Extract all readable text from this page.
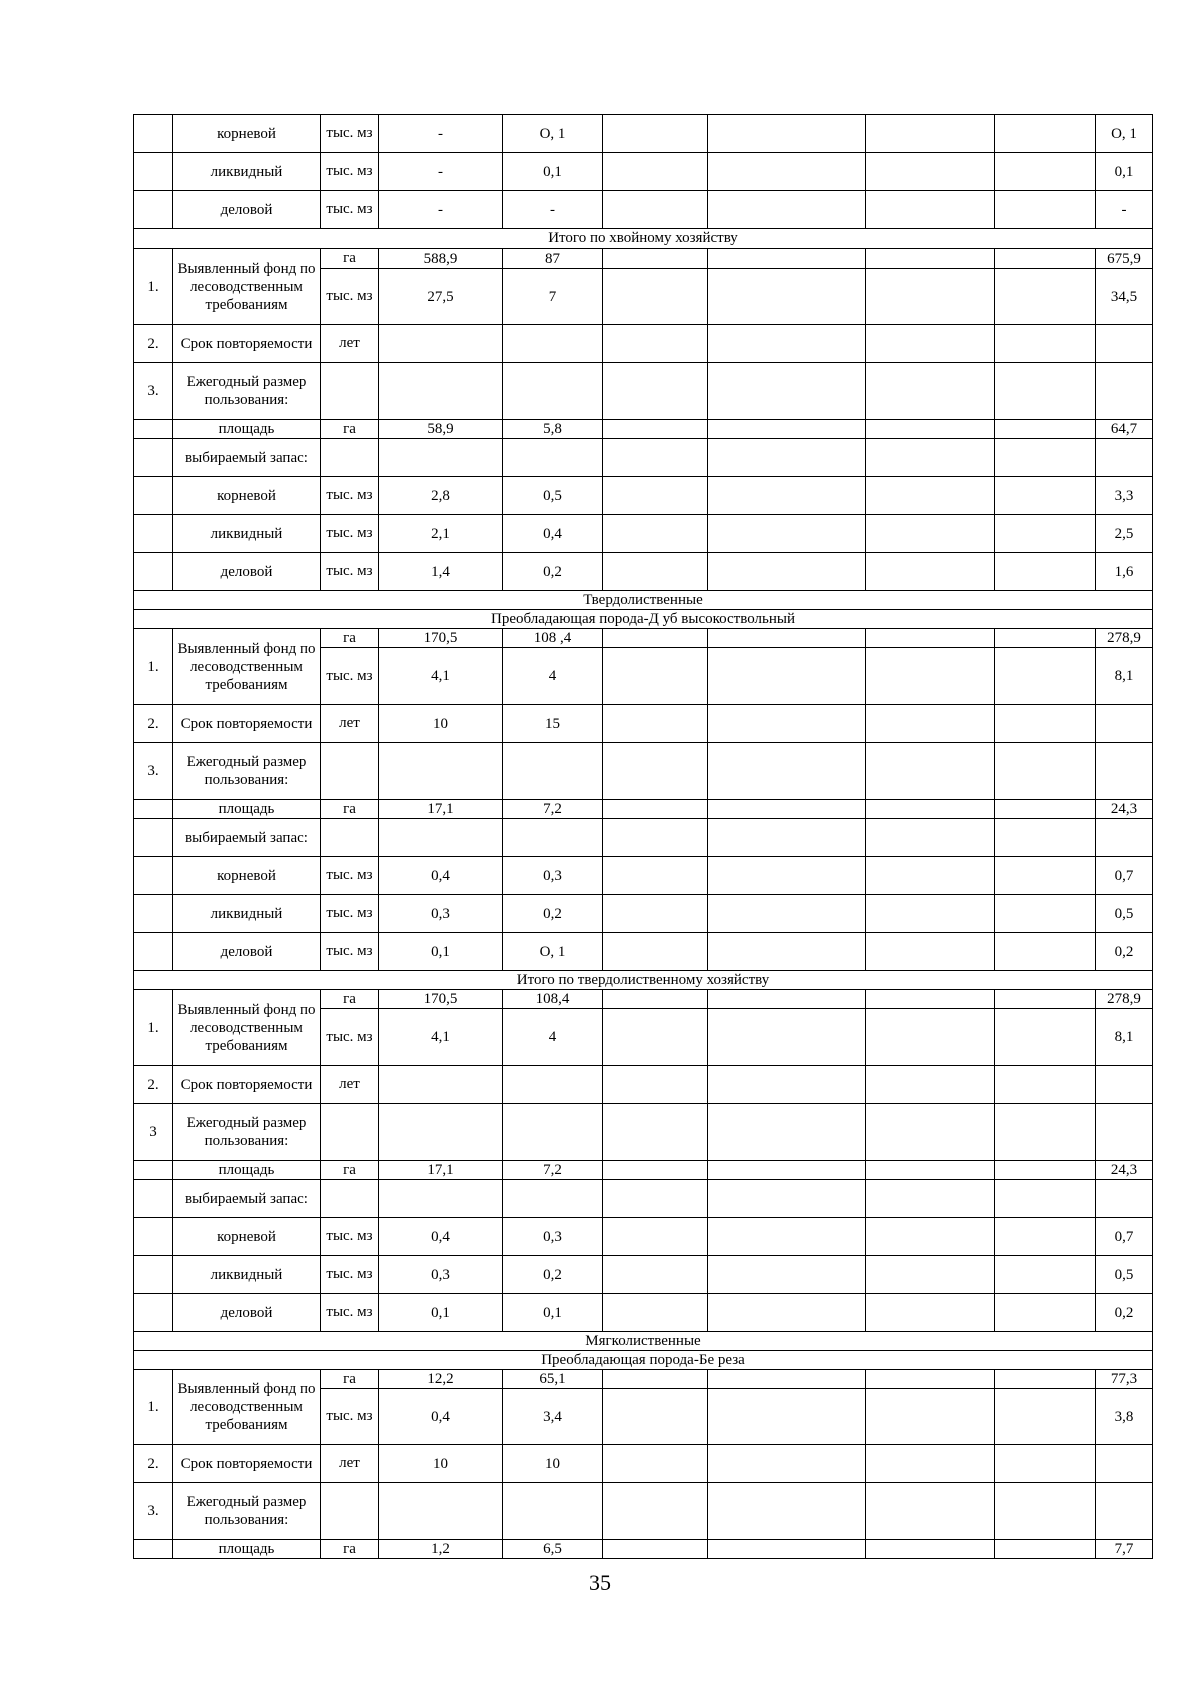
	корневой	тыс. мз	-	О, 1					О, 1
	ликвидный	тыс. мз	-	0,1					0,1
	деловой	тыс. мз	-	-					-
Итого по хвойному хозяйству									
1.	Выявленный фонд по лесоводственным требованиям	га	588,9	87					675,9
		тыс. мз	27,5	7					34,5
2.	Срок повторяемости	лет							
3.	Ежегодный размер пользования:								
	площадь	га	58,9	5,8					64,7
	выбираемый запас:								
	корневой	тыс. мз	2,8	0,5					3,3
	ликвидный	тыс. мз	2,1	0,4					2,5
	деловой	тыс. мз	1,4	0,2					1,6
Твердолиственные									
Преобладающая порода-Д уб высокоствольный									
1.	Выявленный фонд по лесоводственным требованиям	га	170,5	108 ,4					278,9
		тыс. мз	4,1	4					8,1
2.	Срок повторяемости	лет	10	15					
3.	Ежегодный размер пользования:								
	площадь	га	17,1	7,2					24,3
	выбираемый запас:								
	корневой	тыс. мз	0,4	0,3					0,7
	ликвидный	тыс. мз	0,3	0,2					0,5
	деловой	тыс. мз	0,1	О, 1					0,2
Итого по твердолиственному хозяйству									
1.	Выявленный фонд по лесоводственным требованиям	га	170,5	108,4					278,9
		тыс. мз	4,1	4					8,1
2.	Срок повторяемости	лет							
3	Ежегодный размер пользования:								
	площадь	га	17,1	7,2					24,3
	выбираемый запас:								
	корневой	тыс. мз	0,4	0,3					0,7
	ликвидный	тыс. мз	0,3	0,2					0,5
	деловой	тыс. мз	0,1	0,1					0,2
Мягколиственные									
Преобладающая порода-Бе реза									
1.	Выявленный фонд по лесоводственным требованиям	га	12,2	65,1					77,3
		тыс. мз	0,4	3,4					3,8
2.	Срок повторяемости	лет	10	10					
3.	Ежегодный размер пользования:								
	площадь	га	1,2	6,5					7,7
35
